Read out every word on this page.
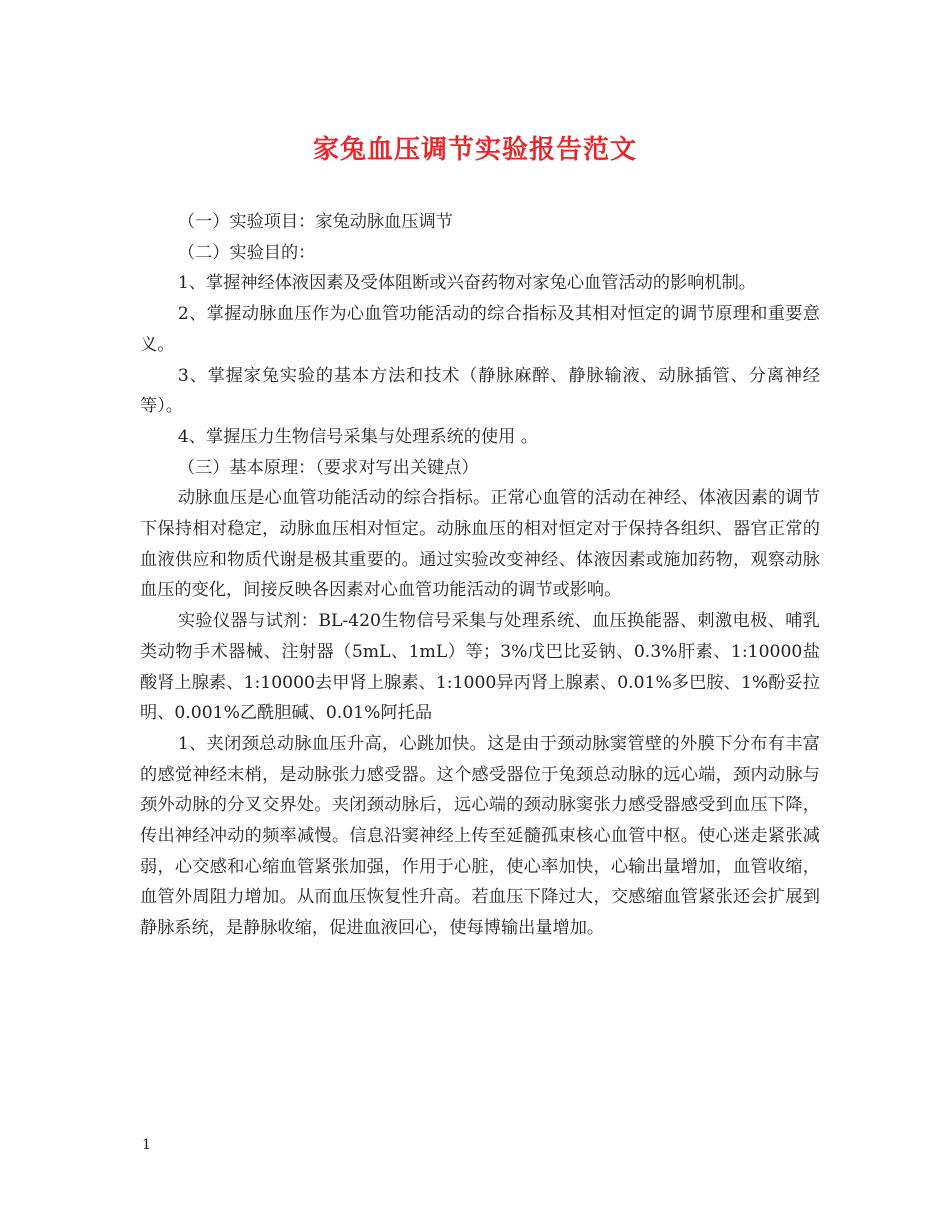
家兔血压调节实验报告范文

（一）实验项目：家兔动脉血压调节

（二）实验目的：

1、掌握神经体液因素及受体阻断或兴奋药物对家兔心血管活动的影响机制。

2、掌握动脉血压作为心血管功能活动的综合指标及其相对恒定的调节原理和重要意义。

3、掌握家兔实验的基本方法和技术（静脉麻醉、静脉输液、动脉插管、分离神经等）。

4、掌握压力生物信号采集与处理系统的使用 。

（三）基本原理：（要求对写出关键点）

动脉血压是心血管功能活动的综合指标。正常心血管的活动在神经、体液因素的调节下保持相对稳定，动脉血压相对恒定。动脉血压的相对恒定对于保持各组织、器官正常的血液供应和物质代谢是极其重要的。通过实验改变神经、体液因素或施加药物，观察动脉血压的变化，间接反映各因素对心血管功能活动的调节或影响。

实验仪器与试剂：BL-420生物信号采集与处理系统、血压换能器、刺激电极、哺乳类动物手术器械、注射器（5mL、1mL）等；3%戊巴比妥钠、0.3%肝素、1:10000盐酸肾上腺素、1:10000去甲肾上腺素、1:1000异丙肾上腺素、0.01%多巴胺、1%酚妥拉明、0.001%乙酰胆碱、0.01%阿托品

1、夹闭颈总动脉血压升高，心跳加快。这是由于颈动脉窦管壁的外膜下分布有丰富的感觉神经末梢，是动脉张力感受器。这个感受器位于兔颈总动脉的远心端，颈内动脉与颈外动脉的分叉交界处。夹闭颈动脉后，远心端的颈动脉窦张力感受器感受到血压下降，传出神经冲动的频率减慢。信息沿窦神经上传至延髓孤束核心血管中枢。使心迷走紧张减弱，心交感和心缩血管紧张加强，作用于心脏，使心率加快，心输出量增加，血管收缩，血管外周阻力增加。从而血压恢复性升高。若血压下降过大，交感缩血管紧张还会扩展到静脉系统，是静脉收缩，促进血液回心，使每博输出量增加。

1
